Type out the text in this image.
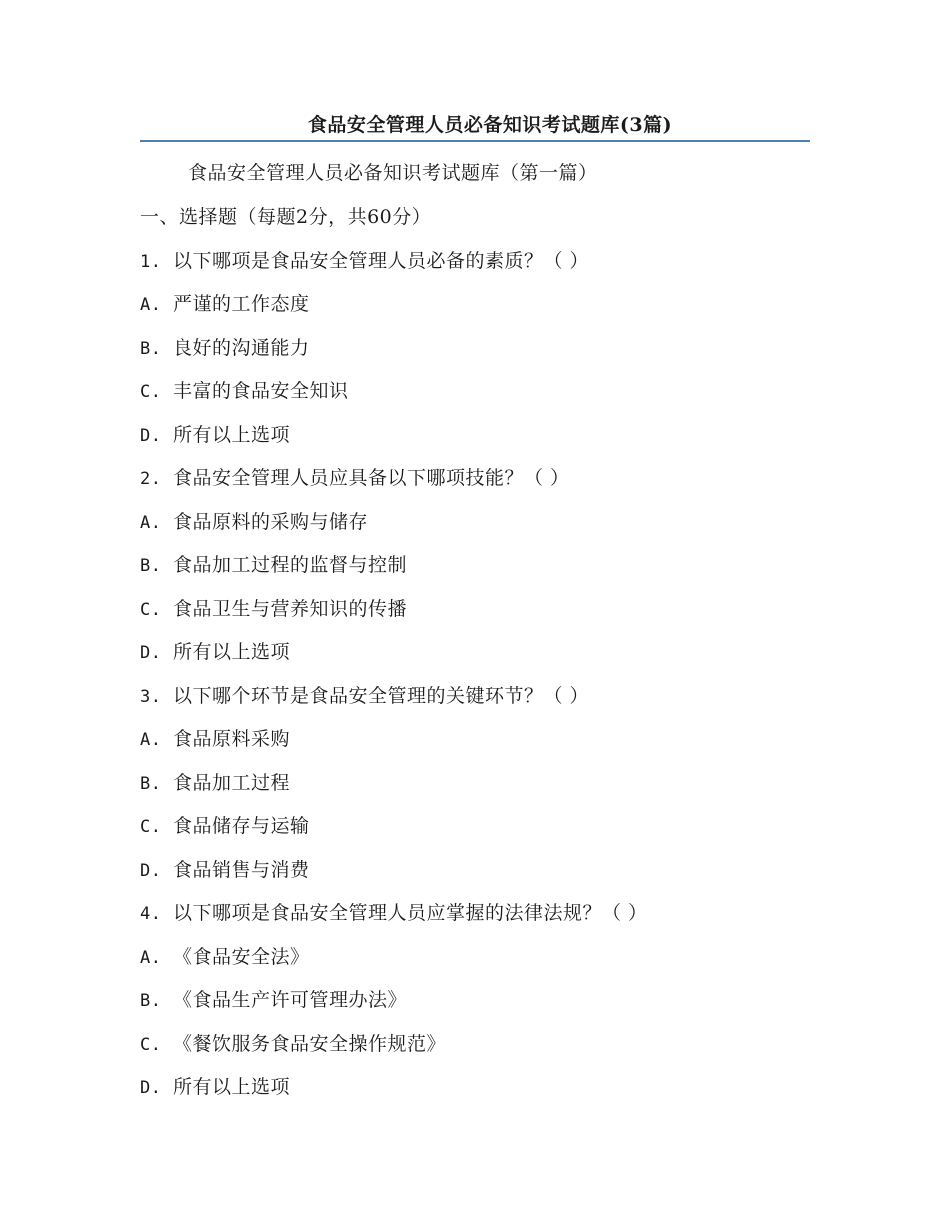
食品安全管理人员必备知识考试题库(3篇)
食品安全管理人员必备知识考试题库（第一篇）
一、选择题（每题2分，共60分）
1. 以下哪项是食品安全管理人员必备的素质？（ ）
A. 严谨的工作态度
B. 良好的沟通能力
C. 丰富的食品安全知识
D. 所有以上选项
2. 食品安全管理人员应具备以下哪项技能？（ ）
A. 食品原料的采购与储存
B. 食品加工过程的监督与控制
C. 食品卫生与营养知识的传播
D. 所有以上选项
3. 以下哪个环节是食品安全管理的关键环节？（ ）
A. 食品原料采购
B. 食品加工过程
C. 食品储存与运输
D. 食品销售与消费
4. 以下哪项是食品安全管理人员应掌握的法律法规？（ ）
A. 《食品安全法》
B. 《食品生产许可管理办法》
C. 《餐饮服务食品安全操作规范》
D. 所有以上选项
